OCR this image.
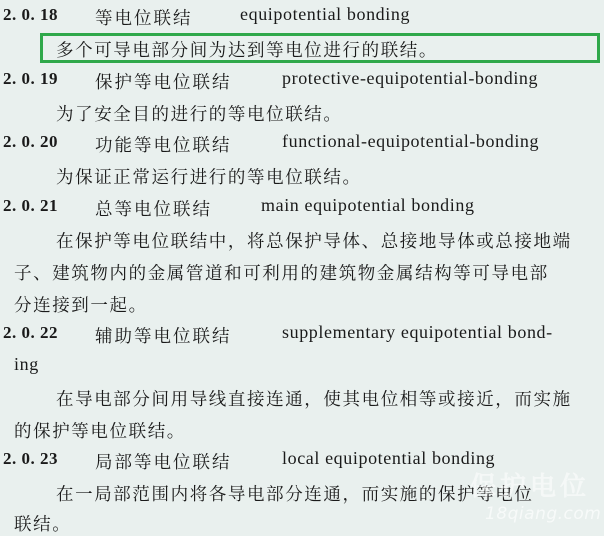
2. 0. 18 等电位联结	equipotential bonding
多个可导电部分间为达到等电位进行的联结。
2. 0. 19 保护等电位联结	protective-equipotential-bonding
为了安全目的进行的等电位联结。
2. 0. 20 功能等电位联结	functional-equipotential-bonding
为保证正常运行进行的等电位联结。
2. 0. 21 总等电位联结	main equipotential bonding
在保护等电位联结中，将总保护导体、总接地导体或总接地端
子、建筑物内的金属管道和可利用的建筑物金属结构等可导电部
分连接到一起。
2. 0. 22 辅助等电位联结	supplementary equipotential bond-
ing
在导电部分间用导线直接连通，使其电位相等或接近，而实施
的保护等电位联结。
2. 0. 23 局部等电位联结	local equipotential bonding
在一局部范围内将各导电部分连通，而实施的保护等电位
联结。
保护电位
18qiang.com
